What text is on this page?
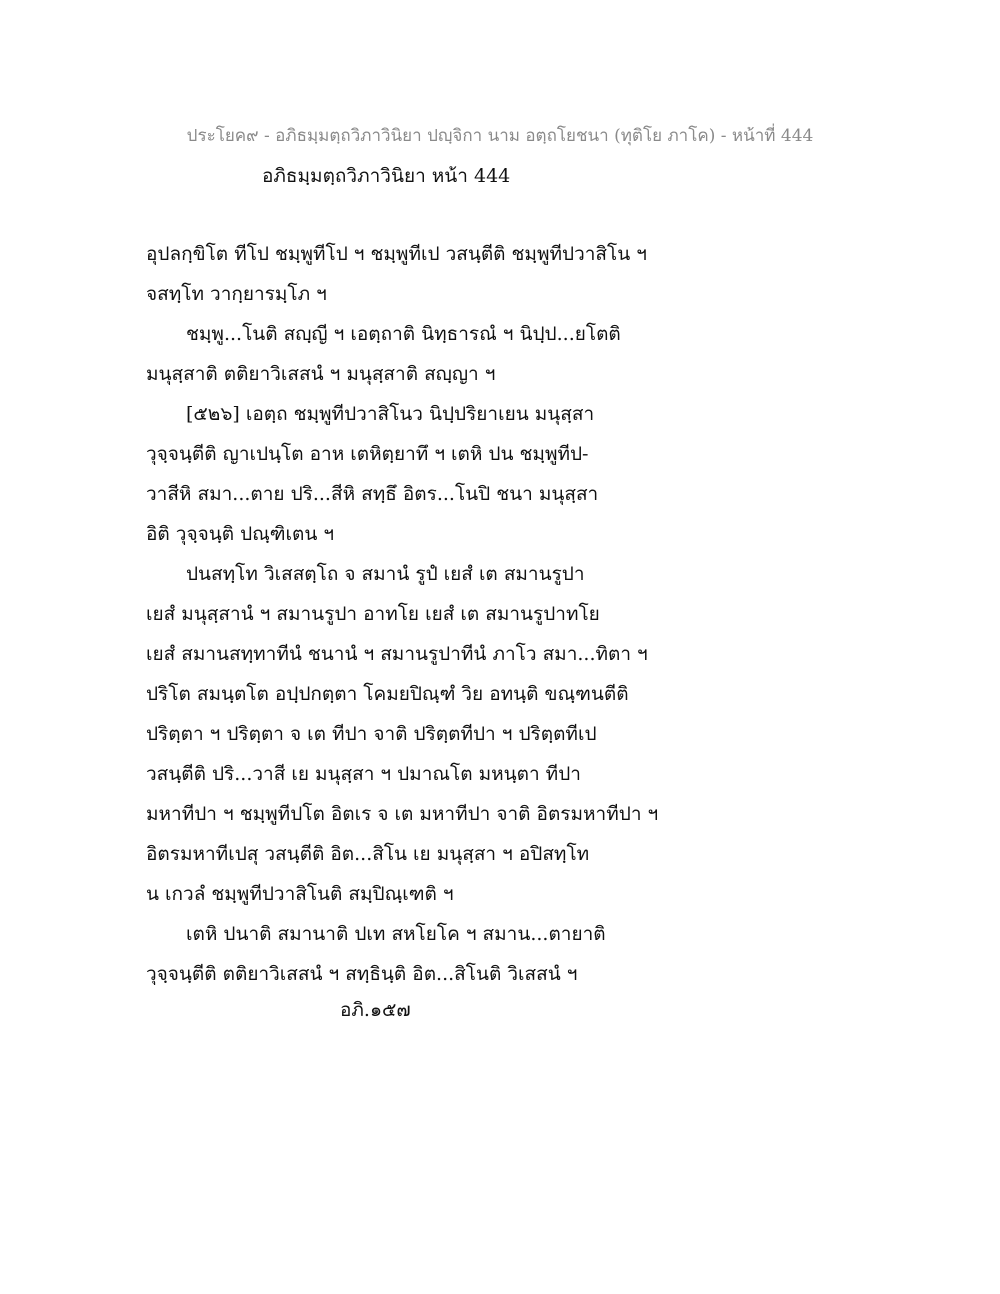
ประโยค๙ - อภิธมฺมตฺถวิภาวินิยา ปญฺจิกา นาม อตฺถโยชนา (ทุติโย ภาโค) - หน้าที่ 444
อภิธมฺมตฺถวิภาวินิยา หน้า 444
อุปลกฺขิโต ทีโป ชมฺพูทีโป ฯ ชมฺพูทีเป วสนฺตีติ ชมฺพูทีปวาสิโน ฯ
จสทฺโท วากฺยารมฺโภ ฯ
ชมฺพู...โนติ สญฺญี ฯ เอตฺถาติ นิทฺธารณํ ฯ นิปฺป...ยโตติ
มนุสฺสาติ ตติยาวิเสสนํ ฯ มนุสฺสาติ สญฺญา ฯ
[๕๒๖] เอตฺถ ชมฺพูทีปวาสิโนว นิปฺปริยาเยน มนุสฺสา
วุจฺจนฺตีติ ญาเปนฺโต อาห เตหิตฺยาทึ ฯ เตหิ ปน ชมฺพูทีป-
วาสีหิ สมา...ตาย ปริ...สีหิ สทฺธึ อิตร...โนปิ ชนา มนุสฺสา
อิติ วุจฺจนฺติ ปณฺฑิเตน ฯ
ปนสทฺโท วิเสสตฺโถ จ สมานํ รูปํ เยสํ เต สมานรูปา
เยสํ มนุสฺสานํ ฯ สมานรูปา อาทโย เยสํ เต สมานรูปาทโย
เยสํ สมานสทฺทาทีนํ ชนานํ ฯ สมานรูปาทีนํ ภาโว สมา...ทิตา ฯ
ปริโต สมนฺตโต อปฺปกตฺตา โคมยปิณฺฑํ วิย อทนฺติ ขณฺฑนตีติ
ปริตฺตา ฯ ปริตฺตา จ เต ทีปา จาติ ปริตฺตทีปา ฯ ปริตฺตทีเป
วสนฺตีติ ปริ...วาสี เย มนุสฺสา ฯ ปมาณโต มหนฺตา ทีปา
มหาทีปา ฯ ชมฺพูทีปโต อิตเร จ เต มหาทีปา จาติ อิตรมหาทีปา ฯ
อิตรมหาทีเปสุ วสนฺตีติ อิต...สิโน เย มนุสฺสา ฯ อปิสทฺโท
น เกวลํ ชมฺพูทีปวาสิโนติ สมฺปิณฺเฑติ ฯ
เตหิ ปนาติ สมานาติ ปเท สหโยโค ฯ สมาน...ตายาติ
วุจฺจนฺตีติ ตติยาวิเสสนํ ฯ สทฺธินฺติ อิต...สิโนติ วิเสสนํ ฯ
อภิ.๑๕๗
